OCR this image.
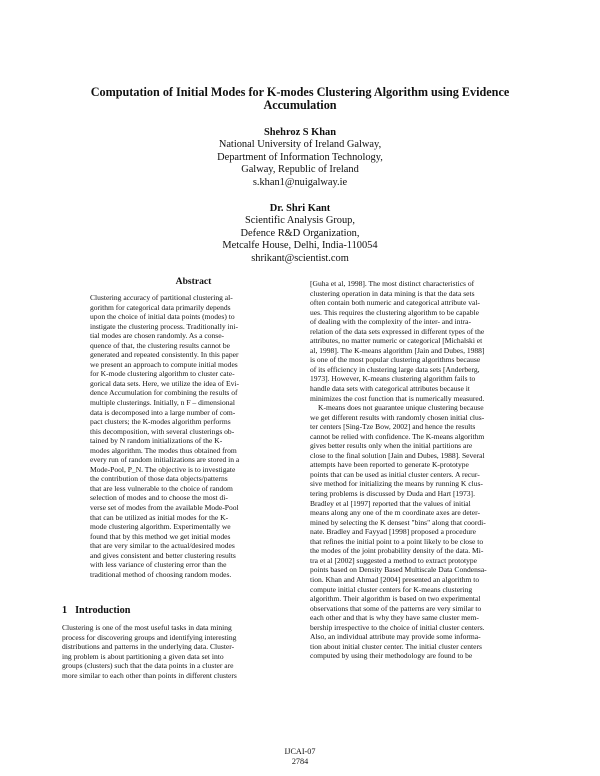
Computation of Initial Modes for K-modes Clustering Algorithm using Evidence
Accumulation
Shehroz S Khan
National University of Ireland Galway,
Department of Information Technology,
Galway, Republic of Ireland
s.khan1@nuigalway.ie
Dr. Shri Kant
Scientific Analysis Group,
Defence R&D Organization,
Metcalfe House, Delhi, India-110054
shrikant@scientist.com
Abstract
Clustering accuracy of partitional clustering al-
gorithm for categorical data primarily depends
upon the choice of initial data points (modes) to
instigate the clustering process. Traditionally ini-
tial modes are chosen randomly. As a conse-
quence of that, the clustering results cannot be
generated and repeated consistently. In this paper
we present an approach to compute initial modes
for K-mode clustering algorithm to cluster cate-
gorical data sets. Here, we utilize the idea of Evi-
dence Accumulation for combining the results of
multiple clusterings. Initially, n F – dimensional
data is decomposed into a large number of com-
pact clusters; the K-modes algorithm performs
this decomposition, with several clusterings ob-
tained by N random initializations of the K-
modes algorithm. The modes thus obtained from
every run of random initializations are stored in a
Mode-Pool, P_N. The objective is to investigate
the contribution of those data objects/patterns
that are less vulnerable to the choice of random
selection of modes and to choose the most di-
verse set of modes from the available Mode-Pool
that can be utilized as initial modes for the K-
mode clustering algorithm. Experimentally we
found that by this method we get initial modes
that are very similar to the actual/desired modes
and gives consistent and better clustering results
with less variance of clustering error than the
traditional method of choosing random modes.
1 Introduction
Clustering is one of the most useful tasks in data mining
process for discovering groups and identifying interesting
distributions and patterns in the underlying data. Cluster-
ing problem is about partitioning a given data set into
groups (clusters) such that the data points in a cluster are
more similar to each other than points in different clusters
[Guha et al, 1998]. The most distinct characteristics of
clustering operation in data mining is that the data sets
often contain both numeric and categorical attribute val-
ues. This requires the clustering algorithm to be capable
of dealing with the complexity of the inter- and intra-
relation of the data sets expressed in different types of the
attributes, no matter numeric or categorical [Michalski et
al, 1998]. The K-means algorithm [Jain and Dubes, 1988]
is one of the most popular clustering algorithms because
of its efficiency in clustering large data sets [Anderberg,
1973]. However, K-means clustering algorithm fails to
handle data sets with categorical attributes because it
minimizes the cost function that is numerically measured.
K-means does not guarantee unique clustering because
we get different results with randomly chosen initial clus-
ter centers [Sing-Tze Bow, 2002] and hence the results
cannot be relied with confidence. The K-means algorithm
gives better results only when the initial partitions are
close to the final solution [Jain and Dubes, 1988]. Several
attempts have been reported to generate K-prototype
points that can be used as initial cluster centers. A recur-
sive method for initializing the means by running K clus-
tering problems is discussed by Duda and Hart [1973].
Bradley et al [1997] reported that the values of initial
means along any one of the m coordinate axes are deter-
mined by selecting the K densest "bins" along that coordi-
nate. Bradley and Fayyad [1998] proposed a procedure
that refines the initial point to a point likely to be close to
the modes of the joint probability density of the data. Mi-
tra et al [2002] suggested a method to extract prototype
points based on Density Based Multiscale Data Condensa-
tion. Khan and Ahmad [2004] presented an algorithm to
compute initial cluster centers for K-means clustering
algorithm. Their algorithm is based on two experimental
observations that some of the patterns are very similar to
each other and that is why they have same cluster mem-
bership irrespective to the choice of initial cluster centers.
Also, an individual attribute may provide some informa-
tion about initial cluster center. The initial cluster centers
computed by using their methodology are found to be
IJCAI-07
2784
